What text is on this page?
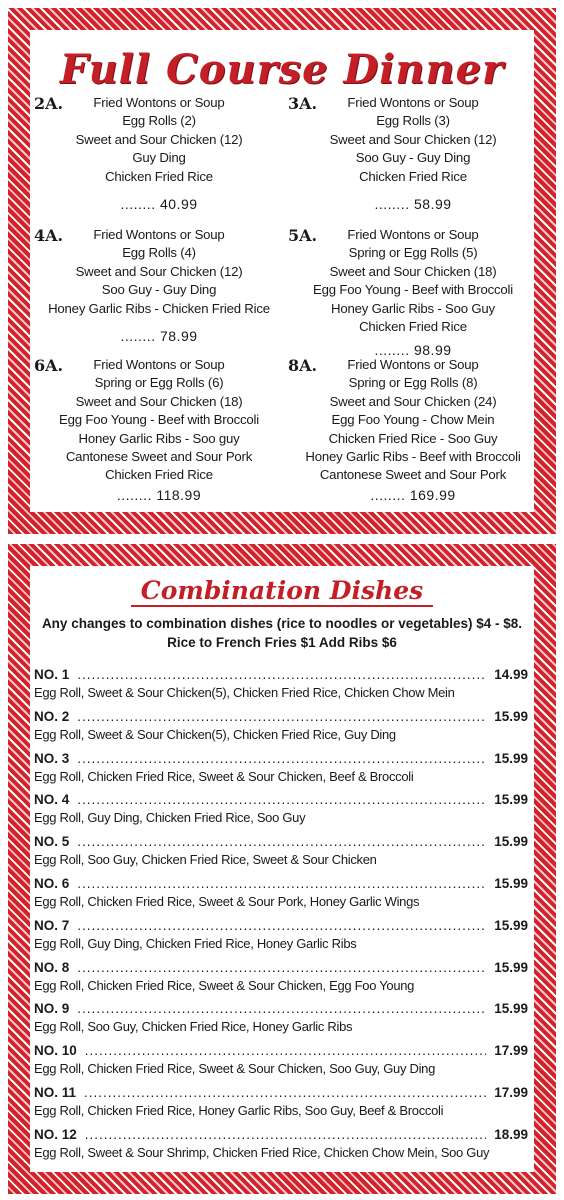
Full Course Dinner
2A.	Fried Wontons or Soup
Egg Rolls (2)
Sweet and Sour Chicken (12)
Guy Ding
Chicken Fried Rice
........ 40.99
3A.	Fried Wontons or Soup
Egg Rolls (3)
Sweet and Sour Chicken (12)
Soo Guy - Guy Ding
Chicken Fried Rice
........ 58.99
4A.	Fried Wontons or Soup
Egg Rolls (4)
Sweet and Sour Chicken (12)
Soo Guy - Guy Ding
Honey Garlic Ribs - Chicken Fried Rice
........ 78.99
5A.	Fried Wontons or Soup
Spring or Egg Rolls (5)
Sweet and Sour Chicken (18)
Egg Foo Young - Beef with Broccoli
Honey Garlic Ribs - Soo Guy
Chicken Fried Rice
........ 98.99
6A.	Fried Wontons or Soup
Spring or Egg Rolls (6)
Sweet and Sour Chicken (18)
Egg Foo Young - Beef with Broccoli
Honey Garlic Ribs - Soo guy
Cantonese Sweet and Sour Pork
Chicken Fried Rice
........ 118.99
8A.	Fried Wontons or Soup
Spring or Egg Rolls (8)
Sweet and Sour Chicken (24)
Egg Foo Young - Chow Mein
Chicken Fried Rice - Soo Guy
Honey Garlic Ribs - Beef with Broccoli
Cantonese Sweet and Sour Pork
........ 169.99
Combination Dishes
Any changes to combination dishes (rice to noodles or vegetables) $4 - $8.
Rice to French Fries $1 Add Ribs $6
NO. 1 .....	14.99
Egg Roll, Sweet & Sour Chicken(5), Chicken Fried Rice, Chicken Chow Mein
NO. 2 .....	15.99
Egg Roll, Sweet & Sour Chicken(5), Chicken Fried Rice, Guy Ding
NO. 3 .....	15.99
Egg Roll, Chicken Fried Rice, Sweet & Sour Chicken, Beef & Broccoli
NO. 4 .....	15.99
Egg Roll, Guy Ding, Chicken Fried Rice, Soo Guy
NO. 5 .....	15.99
Egg Roll, Soo Guy, Chicken Fried Rice, Sweet & Sour Chicken
NO. 6 .....	15.99
Egg Roll, Chicken Fried Rice, Sweet & Sour Pork, Honey Garlic Wings
NO. 7 .....	15.99
Egg Roll, Guy Ding, Chicken Fried Rice, Honey Garlic Ribs
NO. 8 .....	15.99
Egg Roll, Chicken Fried Rice, Sweet & Sour Chicken, Egg Foo Young
NO. 9 .....	15.99
Egg Roll, Soo Guy, Chicken Fried Rice, Honey Garlic Ribs
NO. 10 .....	17.99
Egg Roll, Chicken Fried Rice, Sweet & Sour Chicken, Soo Guy, Guy Ding
NO. 11 .....	17.99
Egg Roll, Chicken Fried Rice, Honey Garlic Ribs, Soo Guy, Beef & Broccoli
NO. 12 .....	18.99
Egg Roll, Sweet & Sour Shrimp, Chicken Fried Rice, Chicken Chow Mein, Soo Guy
